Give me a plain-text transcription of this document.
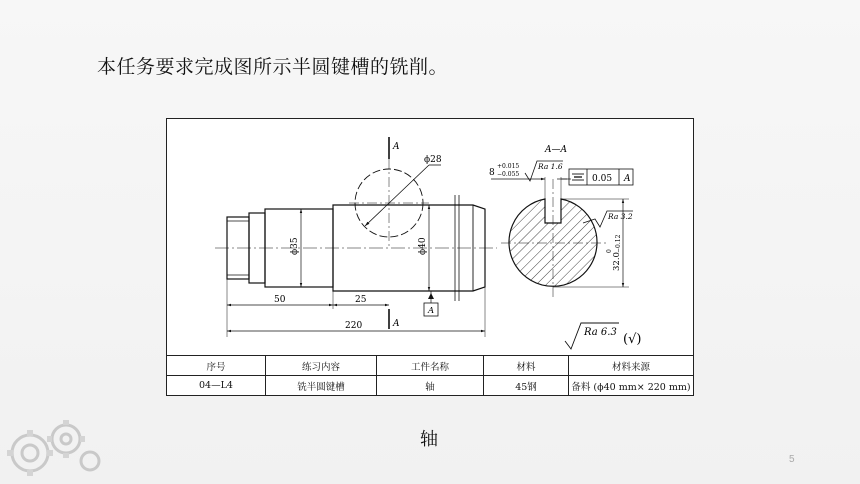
本任务要求完成图所示半圆键槽的铣削。
ϕ28
A
A
ϕ35	ϕ40
A
50	25
220
A—A
8
+0.015
−0.055
Ra 1.6
0.05 A
Ra 3.2
32.0
0 −0.12
Ra 6.3 (√)
序号	练习内容	工件名称	材料	材料来源
04—L4	铣半圆键槽	轴	45钢	备料 (ϕ40 mm× 220 mm)
轴
5
